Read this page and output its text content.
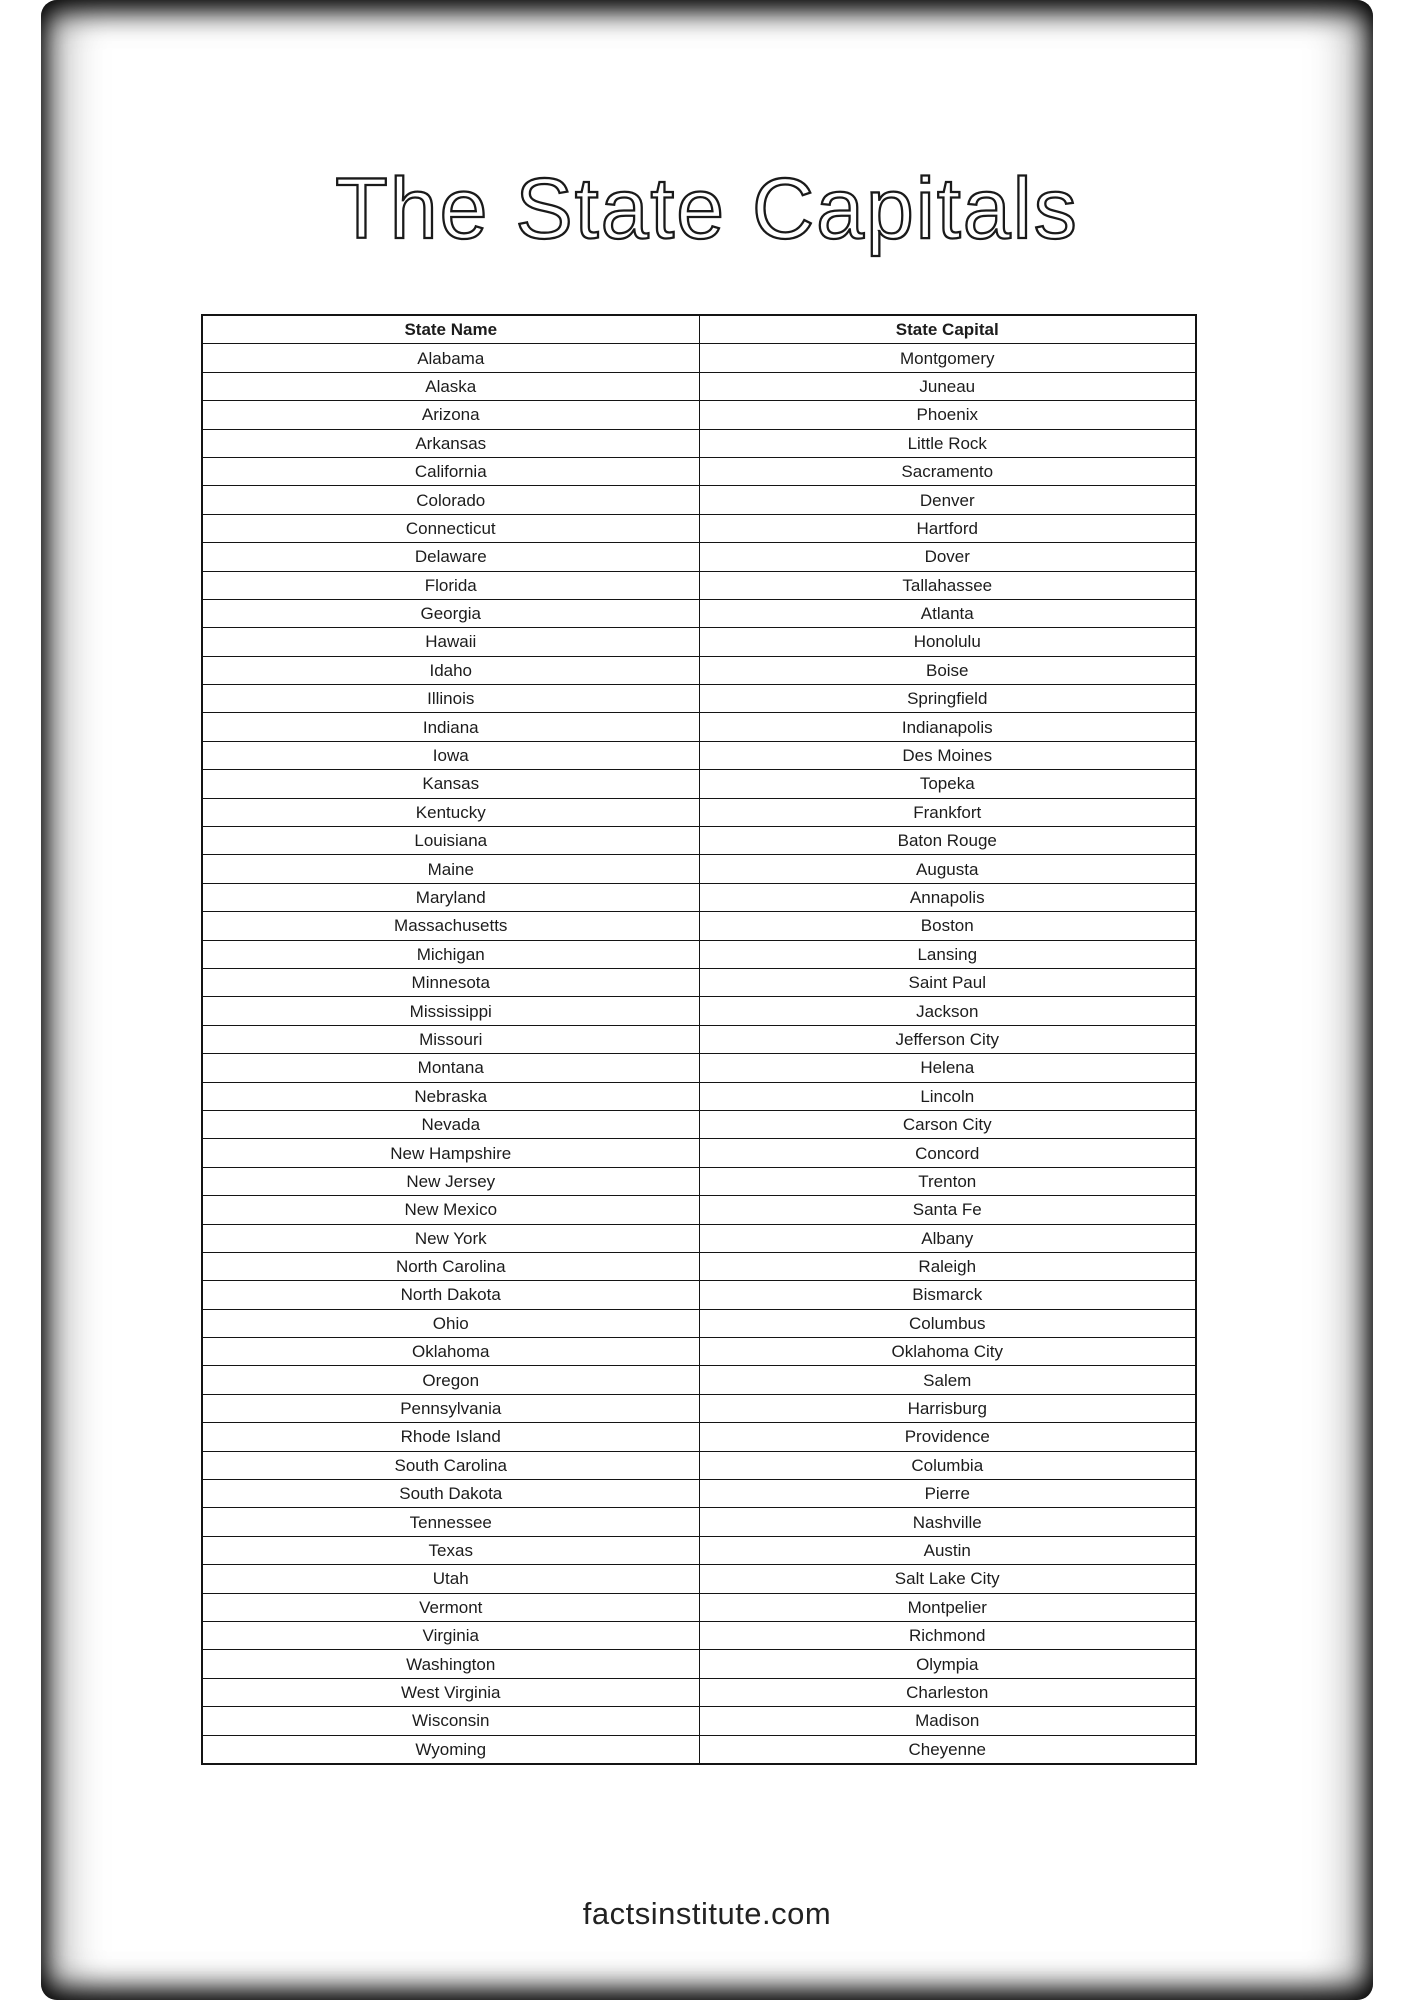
The State Capitals
State Name	State Capital
Alabama	Montgomery
Alaska	Juneau
Arizona	Phoenix
Arkansas	Little Rock
California	Sacramento
Colorado	Denver
Connecticut	Hartford
Delaware	Dover
Florida	Tallahassee
Georgia	Atlanta
Hawaii	Honolulu
Idaho	Boise
Illinois	Springfield
Indiana	Indianapolis
Iowa	Des Moines
Kansas	Topeka
Kentucky	Frankfort
Louisiana	Baton Rouge
Maine	Augusta
Maryland	Annapolis
Massachusetts	Boston
Michigan	Lansing
Minnesota	Saint Paul
Mississippi	Jackson
Missouri	Jefferson City
Montana	Helena
Nebraska	Lincoln
Nevada	Carson City
New Hampshire	Concord
New Jersey	Trenton
New Mexico	Santa Fe
New York	Albany
North Carolina	Raleigh
North Dakota	Bismarck
Ohio	Columbus
Oklahoma	Oklahoma City
Oregon	Salem
Pennsylvania	Harrisburg
Rhode Island	Providence
South Carolina	Columbia
South Dakota	Pierre
Tennessee	Nashville
Texas	Austin
Utah	Salt Lake City
Vermont	Montpelier
Virginia	Richmond
Washington	Olympia
West Virginia	Charleston
Wisconsin	Madison
Wyoming	Cheyenne
factsinstitute.com
